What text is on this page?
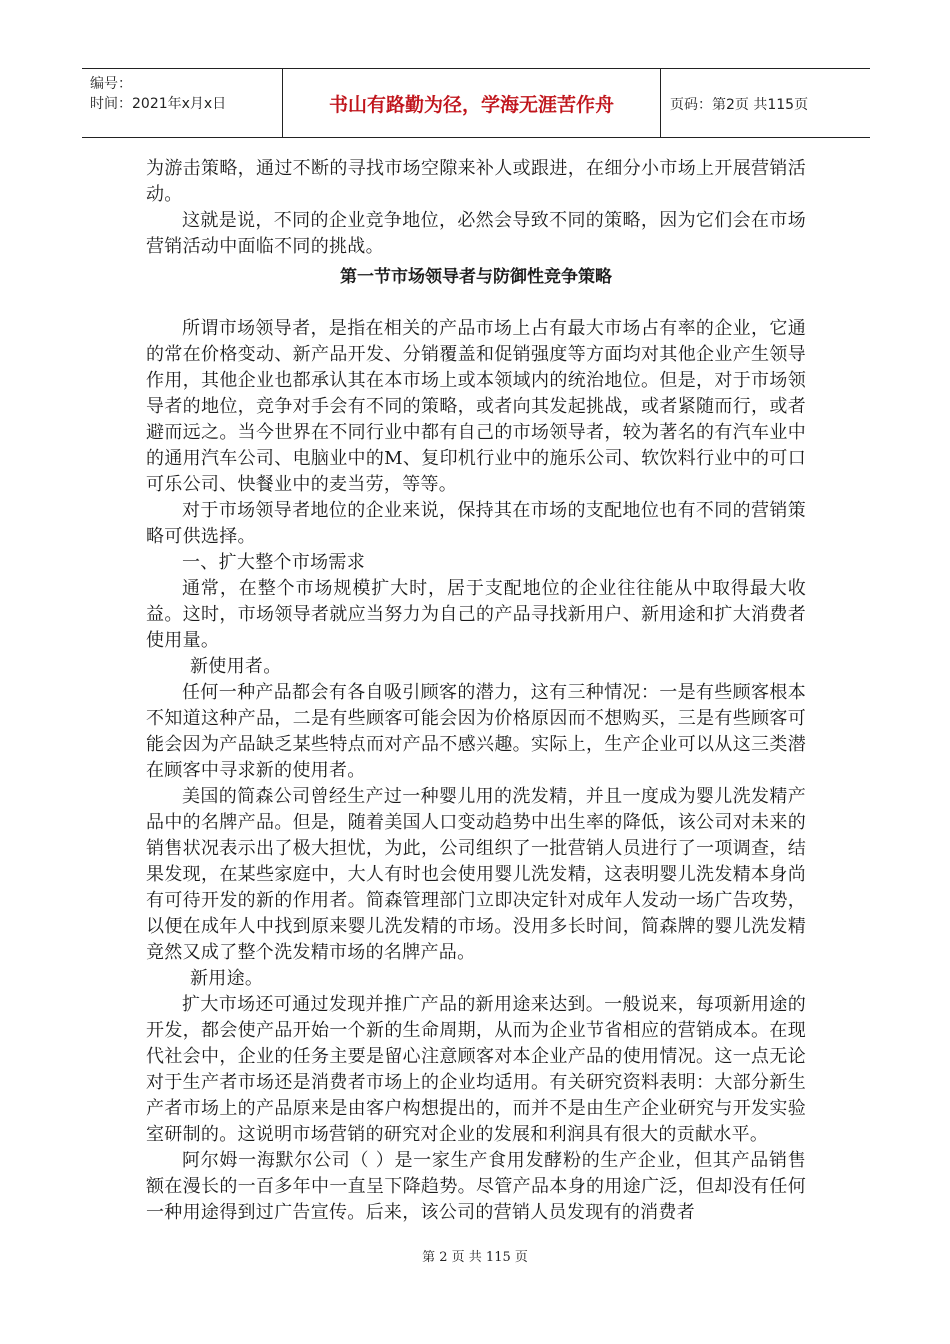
编号：
时间：2021年x月x日	书山有路勤为径，学海无涯苦作舟	页码：第2页 共115页

为游击策略，通过不断的寻找市场空隙来补人或跟进，在细分小市场上开展营销活动。

这就是说，不同的企业竞争地位，必然会导致不同的策略，因为它们会在市场营销活动中面临不同的挑战。

第一节市场领导者与防御性竞争策略

所谓市场领导者，是指在相关的产品市场上占有最大市场占有率的企业，它通的常在价格变动、新产品开发、分销覆盖和促销强度等方面均对其他企业产生领导作用，其他企业也都承认其在本市场上或本领域内的统治地位。但是，对于市场领导者的地位，竞争对手会有不同的策略，或者向其发起挑战，或者紧随而行，或者避而远之。当今世界在不同行业中都有自己的市场领导者，较为著名的有汽车业中的通用汽车公司、电脑业中的M、复印机行业中的施乐公司、软饮料行业中的可口可乐公司、快餐业中的麦当劳，等等。

对于市场领导者地位的企业来说，保持其在市场的支配地位也有不同的营销策略可供选择。

一、扩大整个市场需求

通常，在整个市场规模扩大时，居于支配地位的企业往往能从中取得最大收益。这时，市场领导者就应当努力为自己的产品寻找新用户、新用途和扩大消费者使用量。

新使用者。

任何一种产品都会有各自吸引顾客的潜力，这有三种情况：一是有些顾客根本不知道这种产品，二是有些顾客可能会因为价格原因而不想购买，三是有些顾客可能会因为产品缺乏某些特点而对产品不感兴趣。实际上，生产企业可以从这三类潜在顾客中寻求新的使用者。

美国的简森公司曾经生产过一种婴儿用的洗发精，并且一度成为婴儿洗发精产品中的名牌产品。但是，随着美国人口变动趋势中出生率的降低，该公司对未来的销售状况表示出了极大担忧，为此，公司组织了一批营销人员进行了一项调查，结果发现，在某些家庭中，大人有时也会使用婴儿洗发精，这表明婴儿洗发精本身尚有可待开发的新的作用者。简森管理部门立即决定针对成年人发动一场广告攻势，以便在成年人中找到原来婴儿洗发精的市场。没用多长时间，简森牌的婴儿洗发精竟然又成了整个洗发精市场的名牌产品。

新用途。

扩大市场还可通过发现并推广产品的新用途来达到。一般说来，每项新用途的开发，都会使产品开始一个新的生命周期，从而为企业节省相应的营销成本。在现代社会中，企业的任务主要是留心注意顾客对本企业产品的使用情况。这一点无论对于生产者市场还是消费者市场上的企业均适用。有关研究资料表明：大部分新生产者市场上的产品原来是由客户构想提出的，而并不是由生产企业研究与开发实验室研制的。这说明市场营销的研究对企业的发展和利润具有很大的贡献水平。

阿尔姆一海默尔公司（ ）是一家生产食用发酵粉的生产企业，但其产品销售额在漫长的一百多年中一直呈下降趋势。尽管产品本身的用途广泛，但却没有任何一种用途得到过广告宣传。后来，该公司的营销人员发现有的消费者

第 2 页 共 115 页
